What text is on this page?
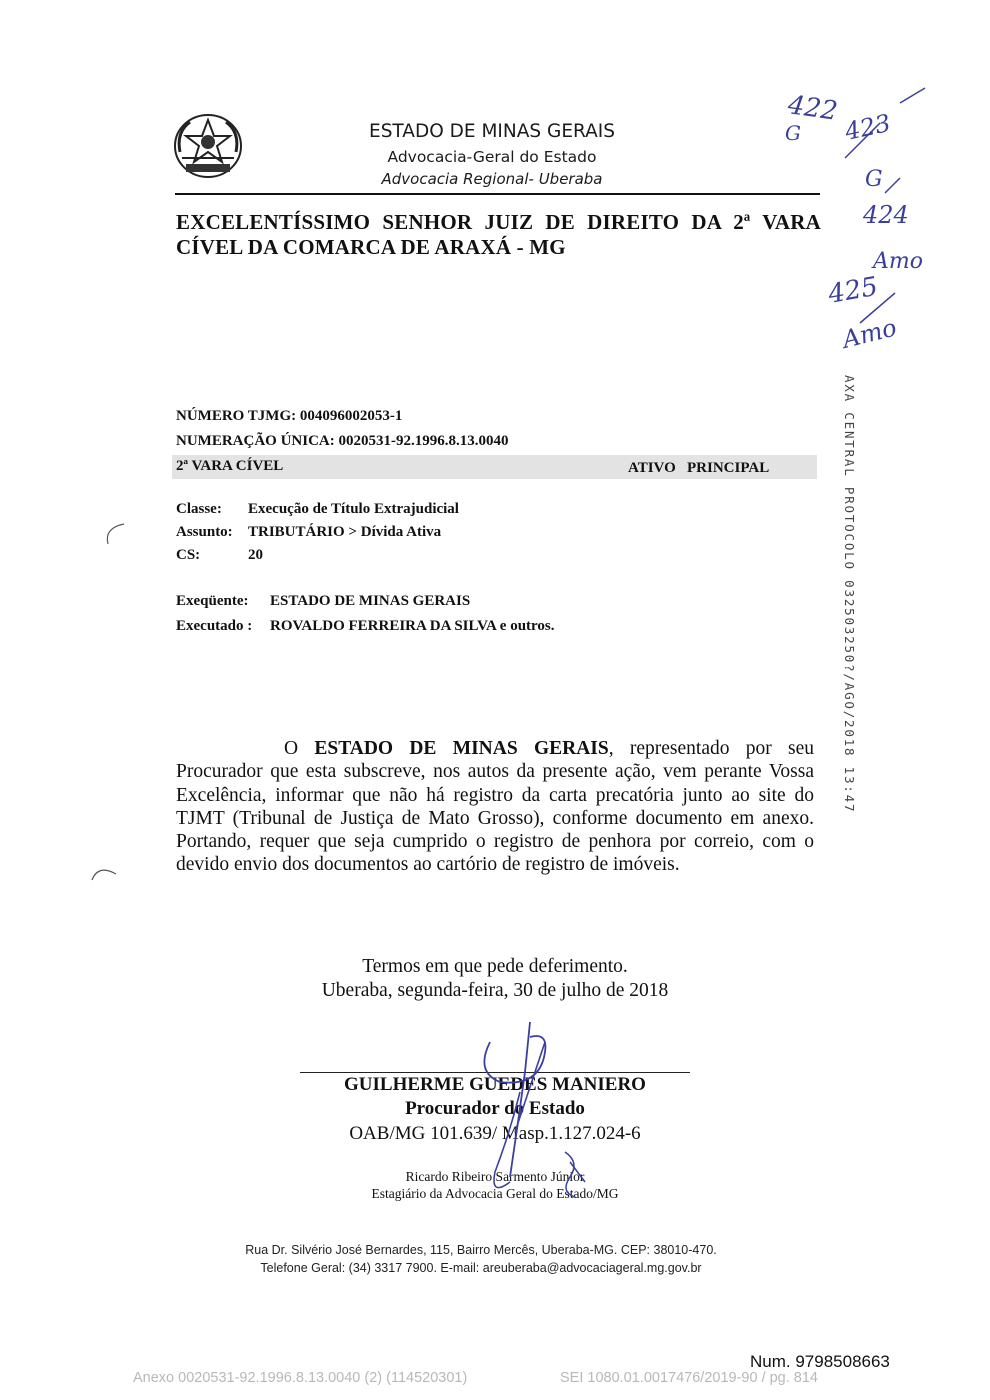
ESTADO DE MINAS GERAIS
Advocacia-Geral do Estado
Advocacia Regional- Uberaba
EXCELENTÍSSIMO SENHOR JUIZ DE DIREITO DA 2ª VARA CÍVEL DA COMARCA DE ARAXÁ - MG
NÚMERO TJMG: 004096002053-1
NUMERAÇÃO ÚNICA: 0020531-92.1996.8.13.0040
2ª VARA CÍVEL	ATIVO   PRINCIPAL
Classe: Execução de Título Extrajudicial
Assunto: TRIBUTÁRIO > Dívida Ativa
CS:	20
Exeqüente: ESTADO DE MINAS GERAIS
Executado : ROVALDO FERREIRA DA SILVA e outros.
O ESTADO DE MINAS GERAIS, representado por seu Procurador que esta subscreve, nos autos da presente ação, vem perante Vossa Excelência, informar que não há registro da carta precatória junto ao site do TJMT (Tribunal de Justiça de Mato Grosso), conforme documento em anexo. Portando, requer que seja cumprido o registro de penhora por correio, com o devido envio dos documentos ao cartório de registro de imóveis.
Termos em que pede deferimento.
Uberaba, segunda-feira, 30 de julho de 2018
GUILHERME GUEDES MANIERO
Procurador do Estado
OAB/MG 101.639/ Masp.1.127.024-6
Ricardo Ribeiro Sarmento Júnior
Estagiário da Advocacia Geral do Estado/MG
Rua Dr. Silvério José Bernardes, 115, Bairro Mercês, Uberaba-MG. CEP: 38010-470.
Telefone Geral: (34) 3317 7900. E-mail: areuberaba@advocaciageral.mg.gov.br
AXA CENTRAL PROTOCOLO 032503250?/AGO/2018 13:47
422
G 423
G
424
Amo
425
Amo
Num. 9798508663
Anexo 0020531-92.1996.8.13.0040 (2) (114520301)	SEI 1080.01.0017476/2019-90 / pg. 814
